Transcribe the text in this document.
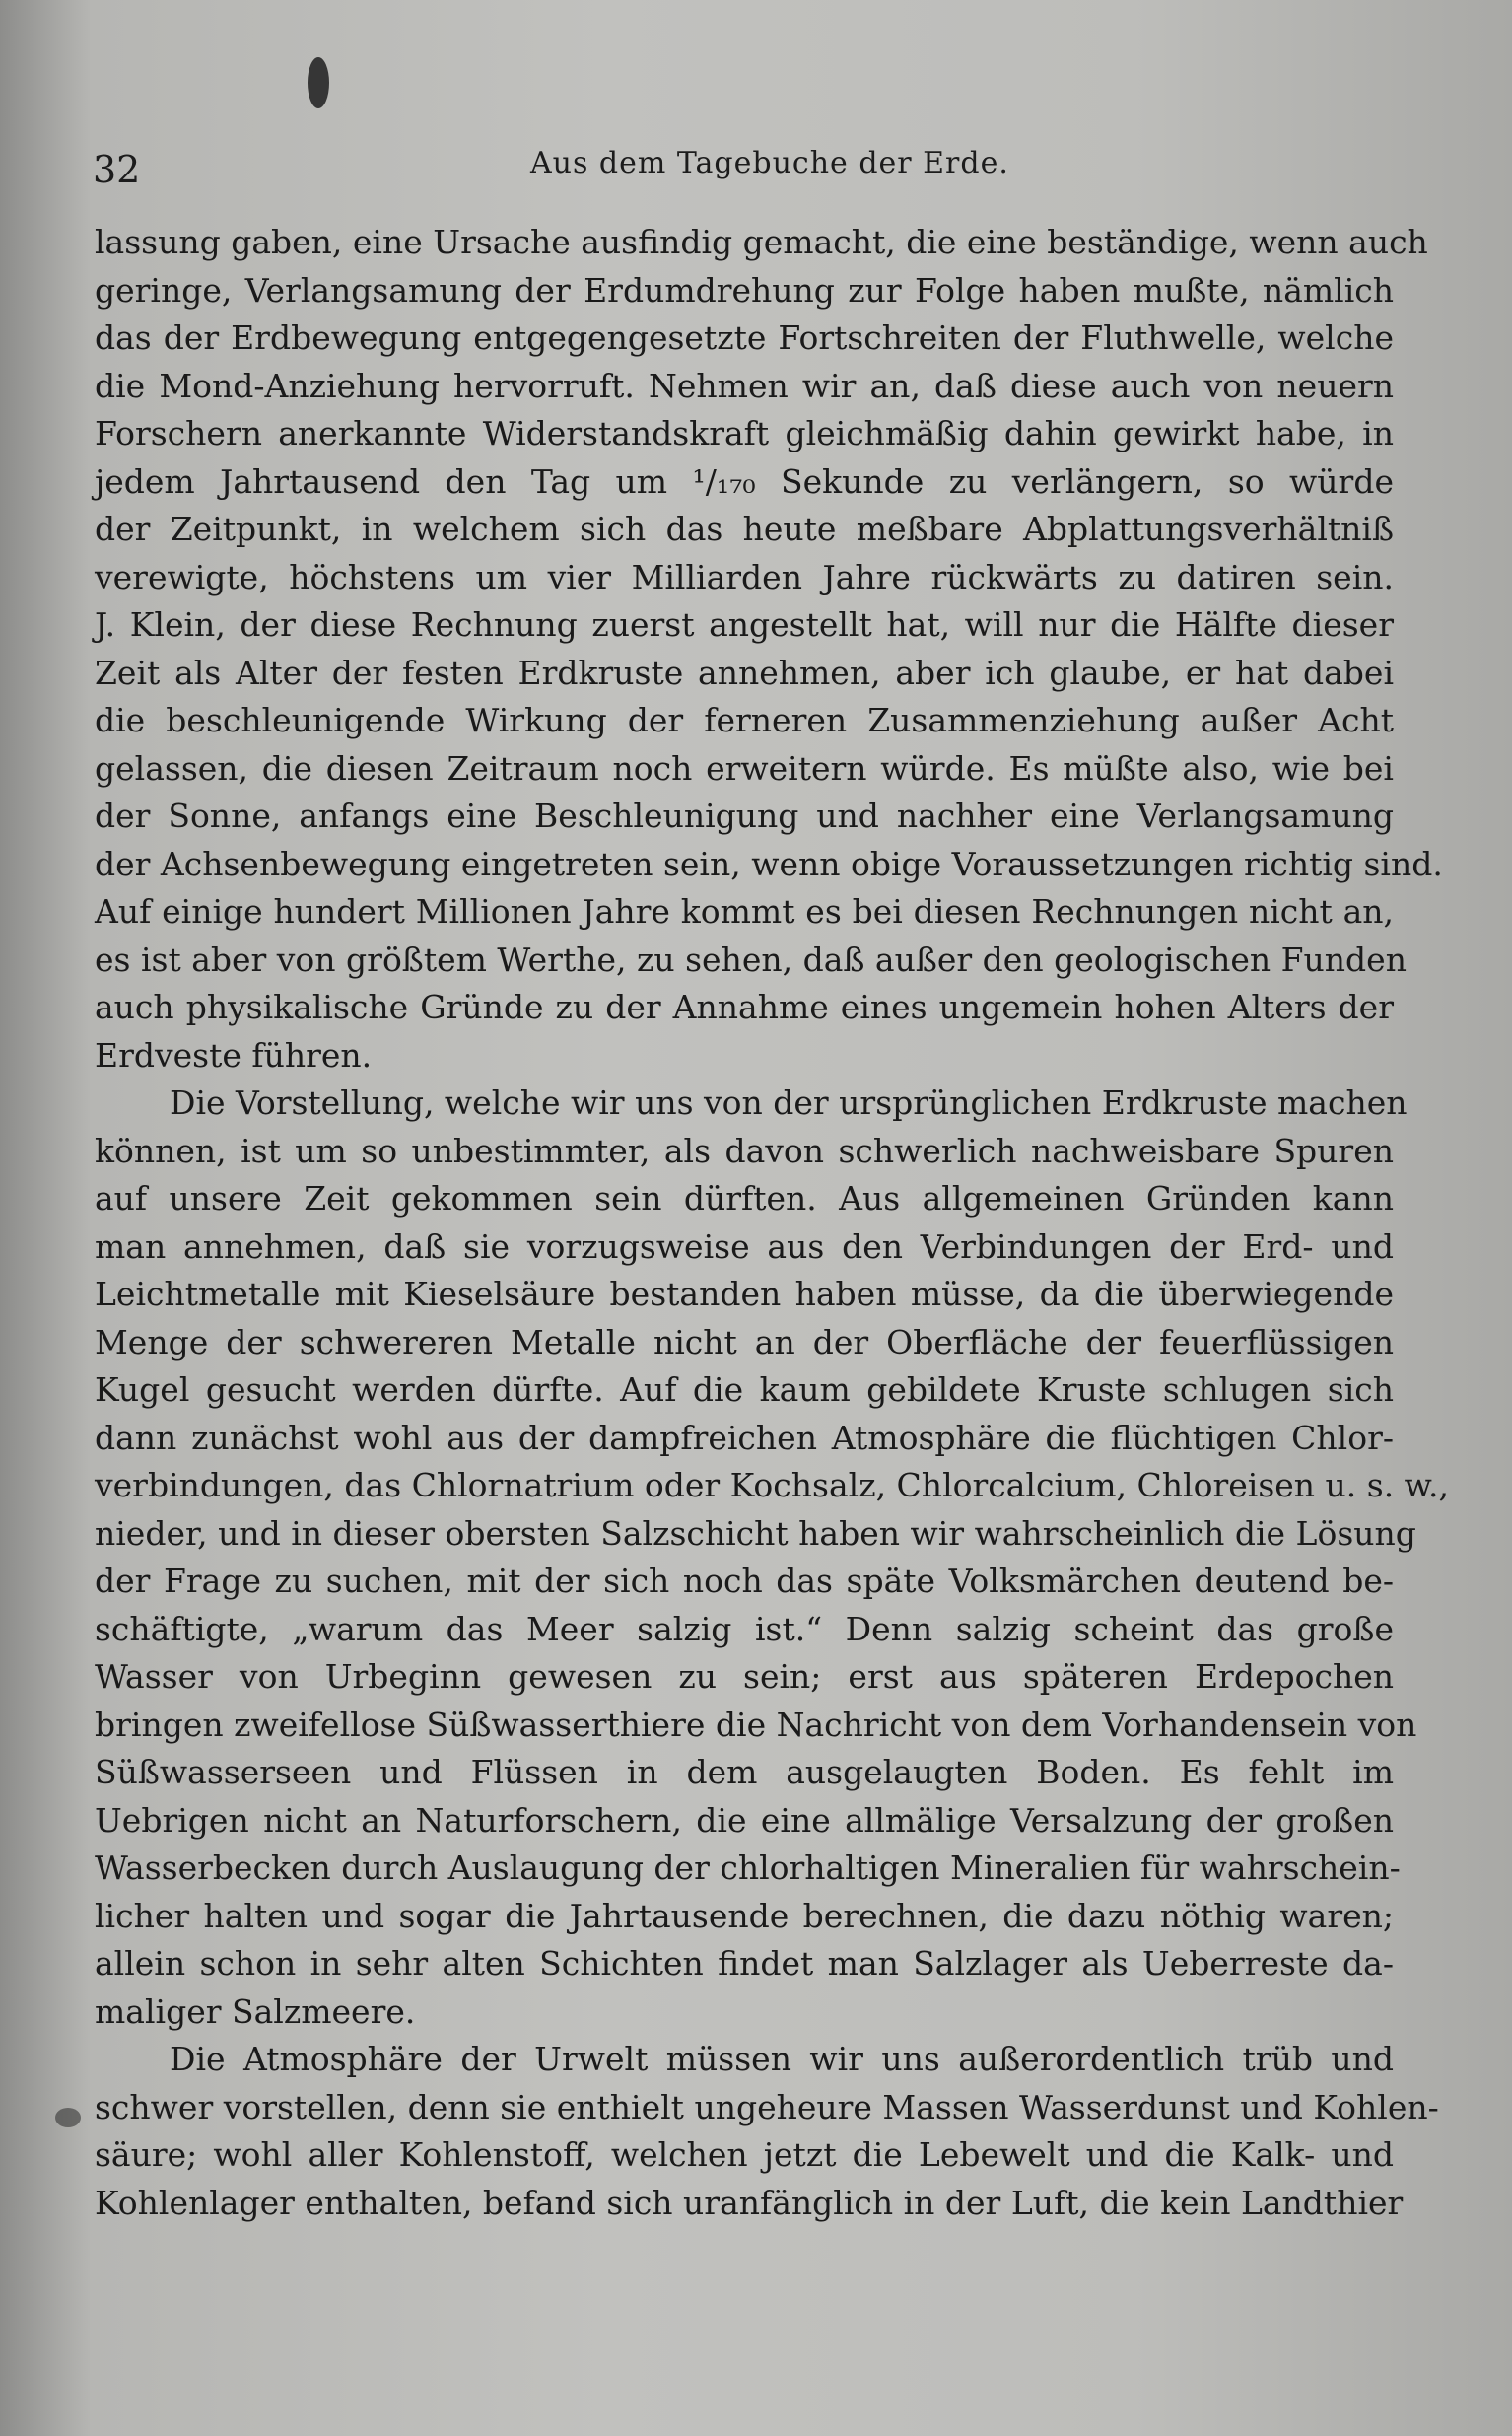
32	Aus dem Tagebuche der Erde.
lassung gaben, eine Ursache ausfindig gemacht, die eine beständige, wenn auch
geringe, Verlangsamung der Erdumdrehung zur Folge haben mußte, nämlich
das der Erdbewegung entgegengesetzte Fortschreiten der Fluthwelle, welche
die Mond-Anziehung hervorruft. Nehmen wir an, daß diese auch von neuern
Forschern anerkannte Widerstandskraft gleichmäßig dahin gewirkt habe, in
jedem Jahrtausend den Tag um ¹/₁₇₀ Sekunde zu verlängern, so würde
der Zeitpunkt, in welchem sich das heute meßbare Abplattungsverhältniß
verewigte, höchstens um vier Milliarden Jahre rückwärts zu datiren sein.
J. Klein, der diese Rechnung zuerst angestellt hat, will nur die Hälfte dieser
Zeit als Alter der festen Erdkruste annehmen, aber ich glaube, er hat dabei
die beschleunigende Wirkung der ferneren Zusammenziehung außer Acht
gelassen, die diesen Zeitraum noch erweitern würde. Es müßte also, wie bei
der Sonne, anfangs eine Beschleunigung und nachher eine Verlangsamung
der Achsenbewegung eingetreten sein, wenn obige Voraussetzungen richtig sind.
Auf einige hundert Millionen Jahre kommt es bei diesen Rechnungen nicht an,
es ist aber von größtem Werthe, zu sehen, daß außer den geologischen Funden
auch physikalische Gründe zu der Annahme eines ungemein hohen Alters der
Erdveste führen.
Die Vorstellung, welche wir uns von der ursprünglichen Erdkruste machen
können, ist um so unbestimmter, als davon schwerlich nachweisbare Spuren
auf unsere Zeit gekommen sein dürften. Aus allgemeinen Gründen kann
man annehmen, daß sie vorzugsweise aus den Verbindungen der Erd- und
Leichtmetalle mit Kieselsäure bestanden haben müsse, da die überwiegende
Menge der schwereren Metalle nicht an der Oberfläche der feuerflüssigen
Kugel gesucht werden dürfte. Auf die kaum gebildete Kruste schlugen sich
dann zunächst wohl aus der dampfreichen Atmosphäre die flüchtigen Chlor-
verbindungen, das Chlornatrium oder Kochsalz, Chlorcalcium, Chloreisen u. s. w.,
nieder, und in dieser obersten Salzschicht haben wir wahrscheinlich die Lösung
der Frage zu suchen, mit der sich noch das späte Volksmärchen deutend be-
schäftigte, „warum das Meer salzig ist.“ Denn salzig scheint das große
Wasser von Urbeginn gewesen zu sein; erst aus späteren Erdepochen
bringen zweifellose Süßwasserthiere die Nachricht von dem Vorhandensein von
Süßwasserseen und Flüssen in dem ausgelaugten Boden. Es fehlt im
Uebrigen nicht an Naturforschern, die eine allmälige Versalzung der großen
Wasserbecken durch Auslaugung der chlorhaltigen Mineralien für wahrschein-
licher halten und sogar die Jahrtausende berechnen, die dazu nöthig waren;
allein schon in sehr alten Schichten findet man Salzlager als Ueberreste da-
maliger Salzmeere.
Die Atmosphäre der Urwelt müssen wir uns außerordentlich trüb und
schwer vorstellen, denn sie enthielt ungeheure Massen Wasserdunst und Kohlen-
säure; wohl aller Kohlenstoff, welchen jetzt die Lebewelt und die Kalk- und
Kohlenlager enthalten, befand sich uranfänglich in der Luft, die kein Landthier
